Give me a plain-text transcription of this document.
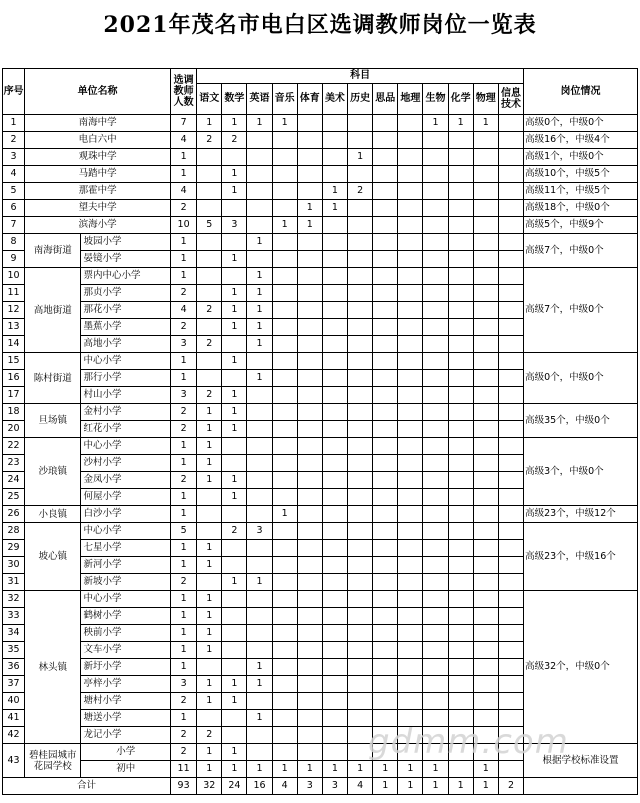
2021年茂名市电白区选调教师岗位一览表
序号	单位名称		选调教师人数	科目													岗位情况
				语文	数学	英语	音乐	体育	美术	历史	思品	地理	生物	化学	物理	信息技术	
1	南海中学		7	1	1	1	1						1	1	1		高级0个，中级0个
2	电白六中		4	2	2												高级16个，中级4个
3	观珠中学		1							1							高级1个，中级0个
4	马踏中学		1		1												高级10个，中级5个
5	那霍中学		4		1				1	2							高级11个，中级5个
6	望夫中学		2					1	1								高级18个，中级0个
7	滨海小学		10	5	3		1	1									高级5个，中级9个
8	南海街道	坡园小学	1			1											高级7个，中级0个
9		晏镜小学	1		1												
10	高地街道	票内中心小学	1			1											高级7个，中级0个
11		那贞小学	2		1	1											
12		那花小学	4	2	1	1											
13		墨蕉小学	2		1	1											
14		高地小学	3	2		1											
15	陈村街道	中心小学	1		1												高级0个，中级0个
16		那行小学	1			1											
17		村山小学	3	2	1												
18	旦场镇	金村小学	2	1	1												高级35个，中级0个
20		红花小学	2	1	1												
22	沙琅镇	中心小学	1	1													高级3个，中级0个
23		沙村小学	1	1													
24		金凤小学	2	1	1												
25		何屋小学	1		1												
26	小良镇	白沙小学	1				1										高级23个，中级12个
28	坡心镇	中心小学	5		2	3											高级23个，中级16个
29		七星小学	1	1													
30		新河小学	1	1													
31		新坡小学	2		1	1											
32	林头镇	中心小学	1	1													高级32个，中级0个
33		鹤树小学	1	1													
34		秧前小学	1	1													
35		文车小学	1	1													
36		新圩小学	1			1											
37		亭梓小学	3	1	1	1											
40		塘村小学	2	1	1												
41		塘送小学	1			1											
42		龙记小学	2	2													
43	碧桂园城市花园学校	小学	2	1	1												根据学校标准设置
		初中	11	1	1	1	1	1	1	1	1	1	1		1		
合计			93	32	24	16	4	3	3	4	1	1	1	1	1	2	
gdmm.com
